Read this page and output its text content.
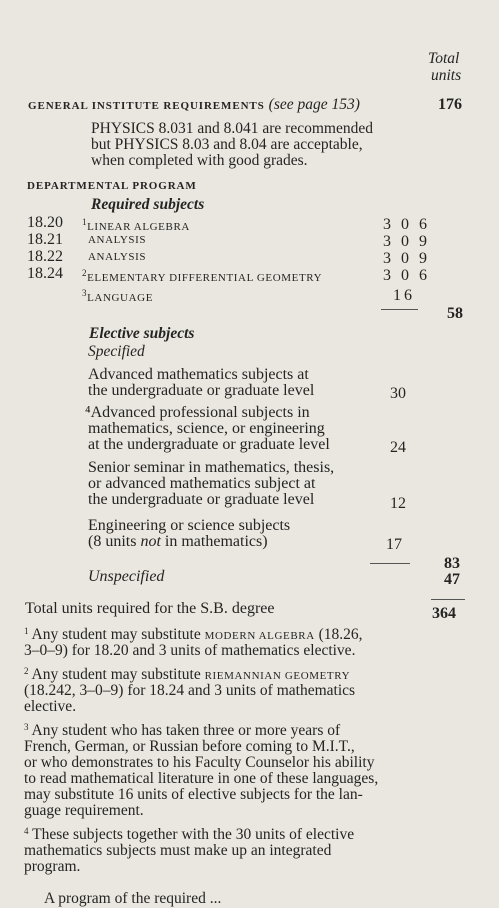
Total
units
GENERAL INSTITUTE REQUIREMENTS (see page 153)	176
PHYSICS 8.031 and 8.041 are recommended
but PHYSICS 8.03 and 8.04 are acceptable,
when completed with good grades.
DEPARTMENTAL PROGRAM
Required subjects
18.20 $^1$LINEAR ALGEBRA	3 0 6
18.21 ANALYSIS	3 0 9
18.22 ANALYSIS	3 0 9
18.24 $^2$ELEMENTARY DIFFERENTIAL GEOMETRY	3 0 6
$^3$LANGUAGE	16
58
Elective subjects
Specified
Advanced mathematics subjects at
the undergraduate or graduate level	30
⁴Advanced professional subjects in
mathematics, science, or engineering
at the undergraduate or graduate level	24
Senior seminar in mathematics, thesis,
or advanced mathematics subject at
the undergraduate or graduate level	12
Engineering or science subjects
(8 units not in mathematics)	17
83
Unspecified	47
Total units required for the S.B. degree	364
$^1$ Any student may substitute MODERN ALGEBRA (18.26,
3–0–9) for 18.20 and 3 units of mathematics elective.
$^2$ Any student may substitute RIEMANNIAN GEOMETRY
(18.242, 3–0–9) for 18.24 and 3 units of mathematics
elective.
$^3$ Any student who has taken three or more years of
French, German, or Russian before coming to M.I.T.,
or who demonstrates to his Faculty Counselor his ability
to read mathematical literature in one of these languages,
may substitute 16 units of elective subjects for the lan-
guage requirement.
$^4$ These subjects together with the 30 units of elective
mathematics subjects must make up an integrated
program.
A program of the required ...
